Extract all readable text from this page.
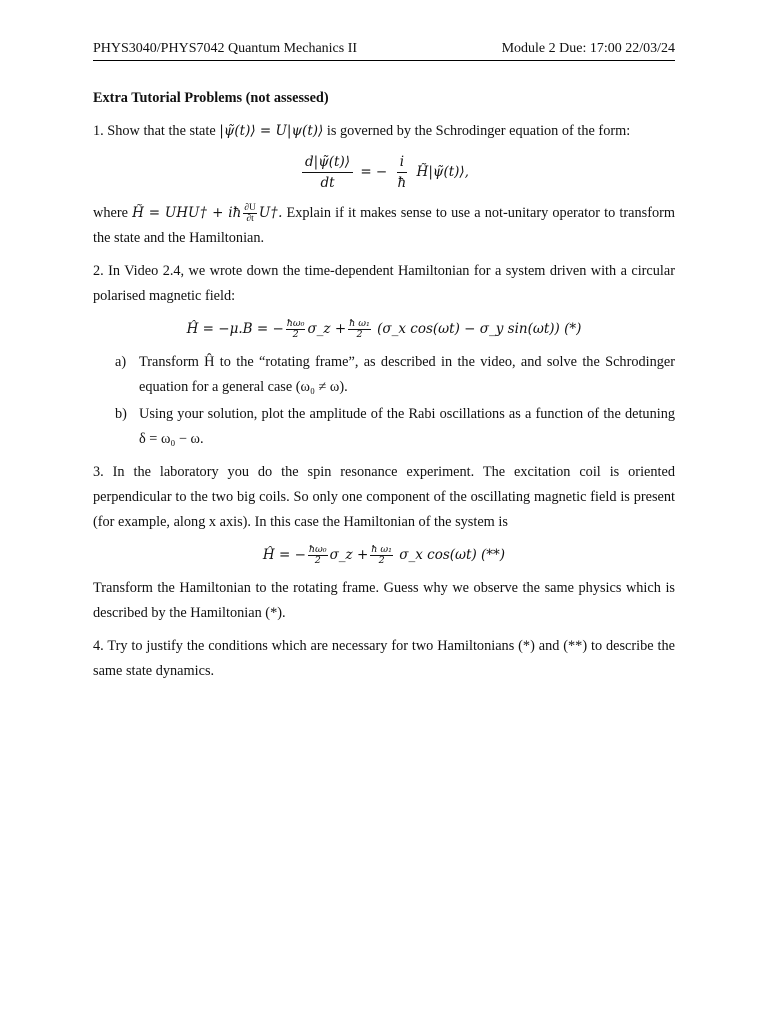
PHYS3040/PHYS7042 Quantum Mechanics II	Module 2 Due: 17:00 22/03/24
Extra Tutorial Problems (not assessed)

1. Show that the state |ψ̃(t)⟩ = U|ψ(t)⟩ is governed by the Schrodinger equation of the form:

$\frac{d|\psĩ(t)⟩}{dt}$ = − $\frac{i}{ħ}$ H̃|ψ̃(t)⟩,

where H̃ = UHU† + iħ $\frac{\partial U}{\partial t}$ U†. Explain if it makes sense to use a not-unitary operator to transform the state and the Hamiltonian.

2. In Video 2.4, we wrote down the time-dependent Hamiltonian for a system driven with a circular polarised magnetic field:

Ĥ = −μ.B = − $\frac{\text{ħω₀}}{2}$ σ_z + $\frac{\text{ħ ω₁}}{2}$ (σ_x cos(ωt) − σ_y sin(ωt)) (*)
a) Transform Ĥ to the “rotating frame”, as described in the video, and solve the Schrodinger equation for a general case (ω₀ ≠ ω).
b) Using your solution, plot the amplitude of the Rabi oscillations as a function of the detuning δ = ω₀ − ω.

3. In the laboratory you do the spin resonance experiment. The excitation coil is oriented perpendicular to the two big coils. So only one component of the oscillating magnetic field is present (for example, along x axis). In this case the Hamiltonian of the system is

Ĥ = − $\frac{\text{ħω₀}}{2}$ σ_z + $\frac{\text{ħ ω₁}}{2}$ σ_x cos(ωt) (**)

Transform the Hamiltonian to the rotating frame. Guess why we observe the same physics which is described by the Hamiltonian (*).

4. Try to justify the conditions which are necessary for two Hamiltonians (*) and (**) to describe the same state dynamics.
